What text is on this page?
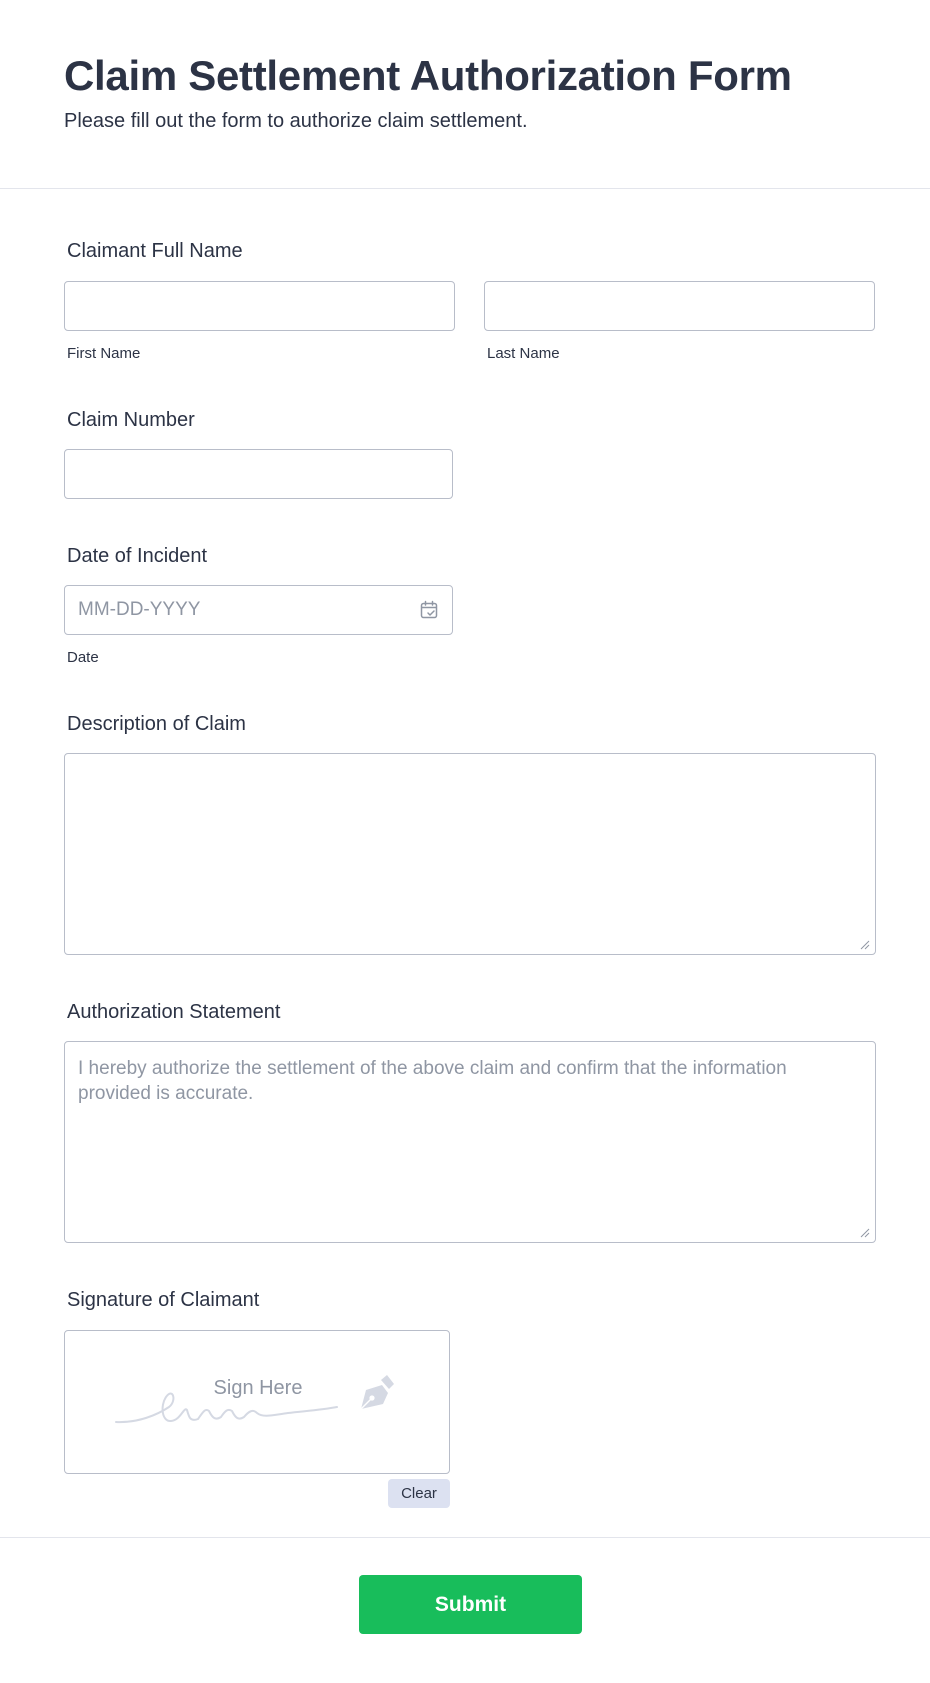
Claim Settlement Authorization Form

Please fill out the form to authorize claim settlement.

Claimant Full Name
First Name	Last Name
Claim Number
Date of Incident
MM-DD-YYYY
Date
Description of Claim
Authorization Statement
I hereby authorize the settlement of the above claim and confirm that the information provided is accurate.
Signature of Claimant
Sign Here
Clear
Submit
